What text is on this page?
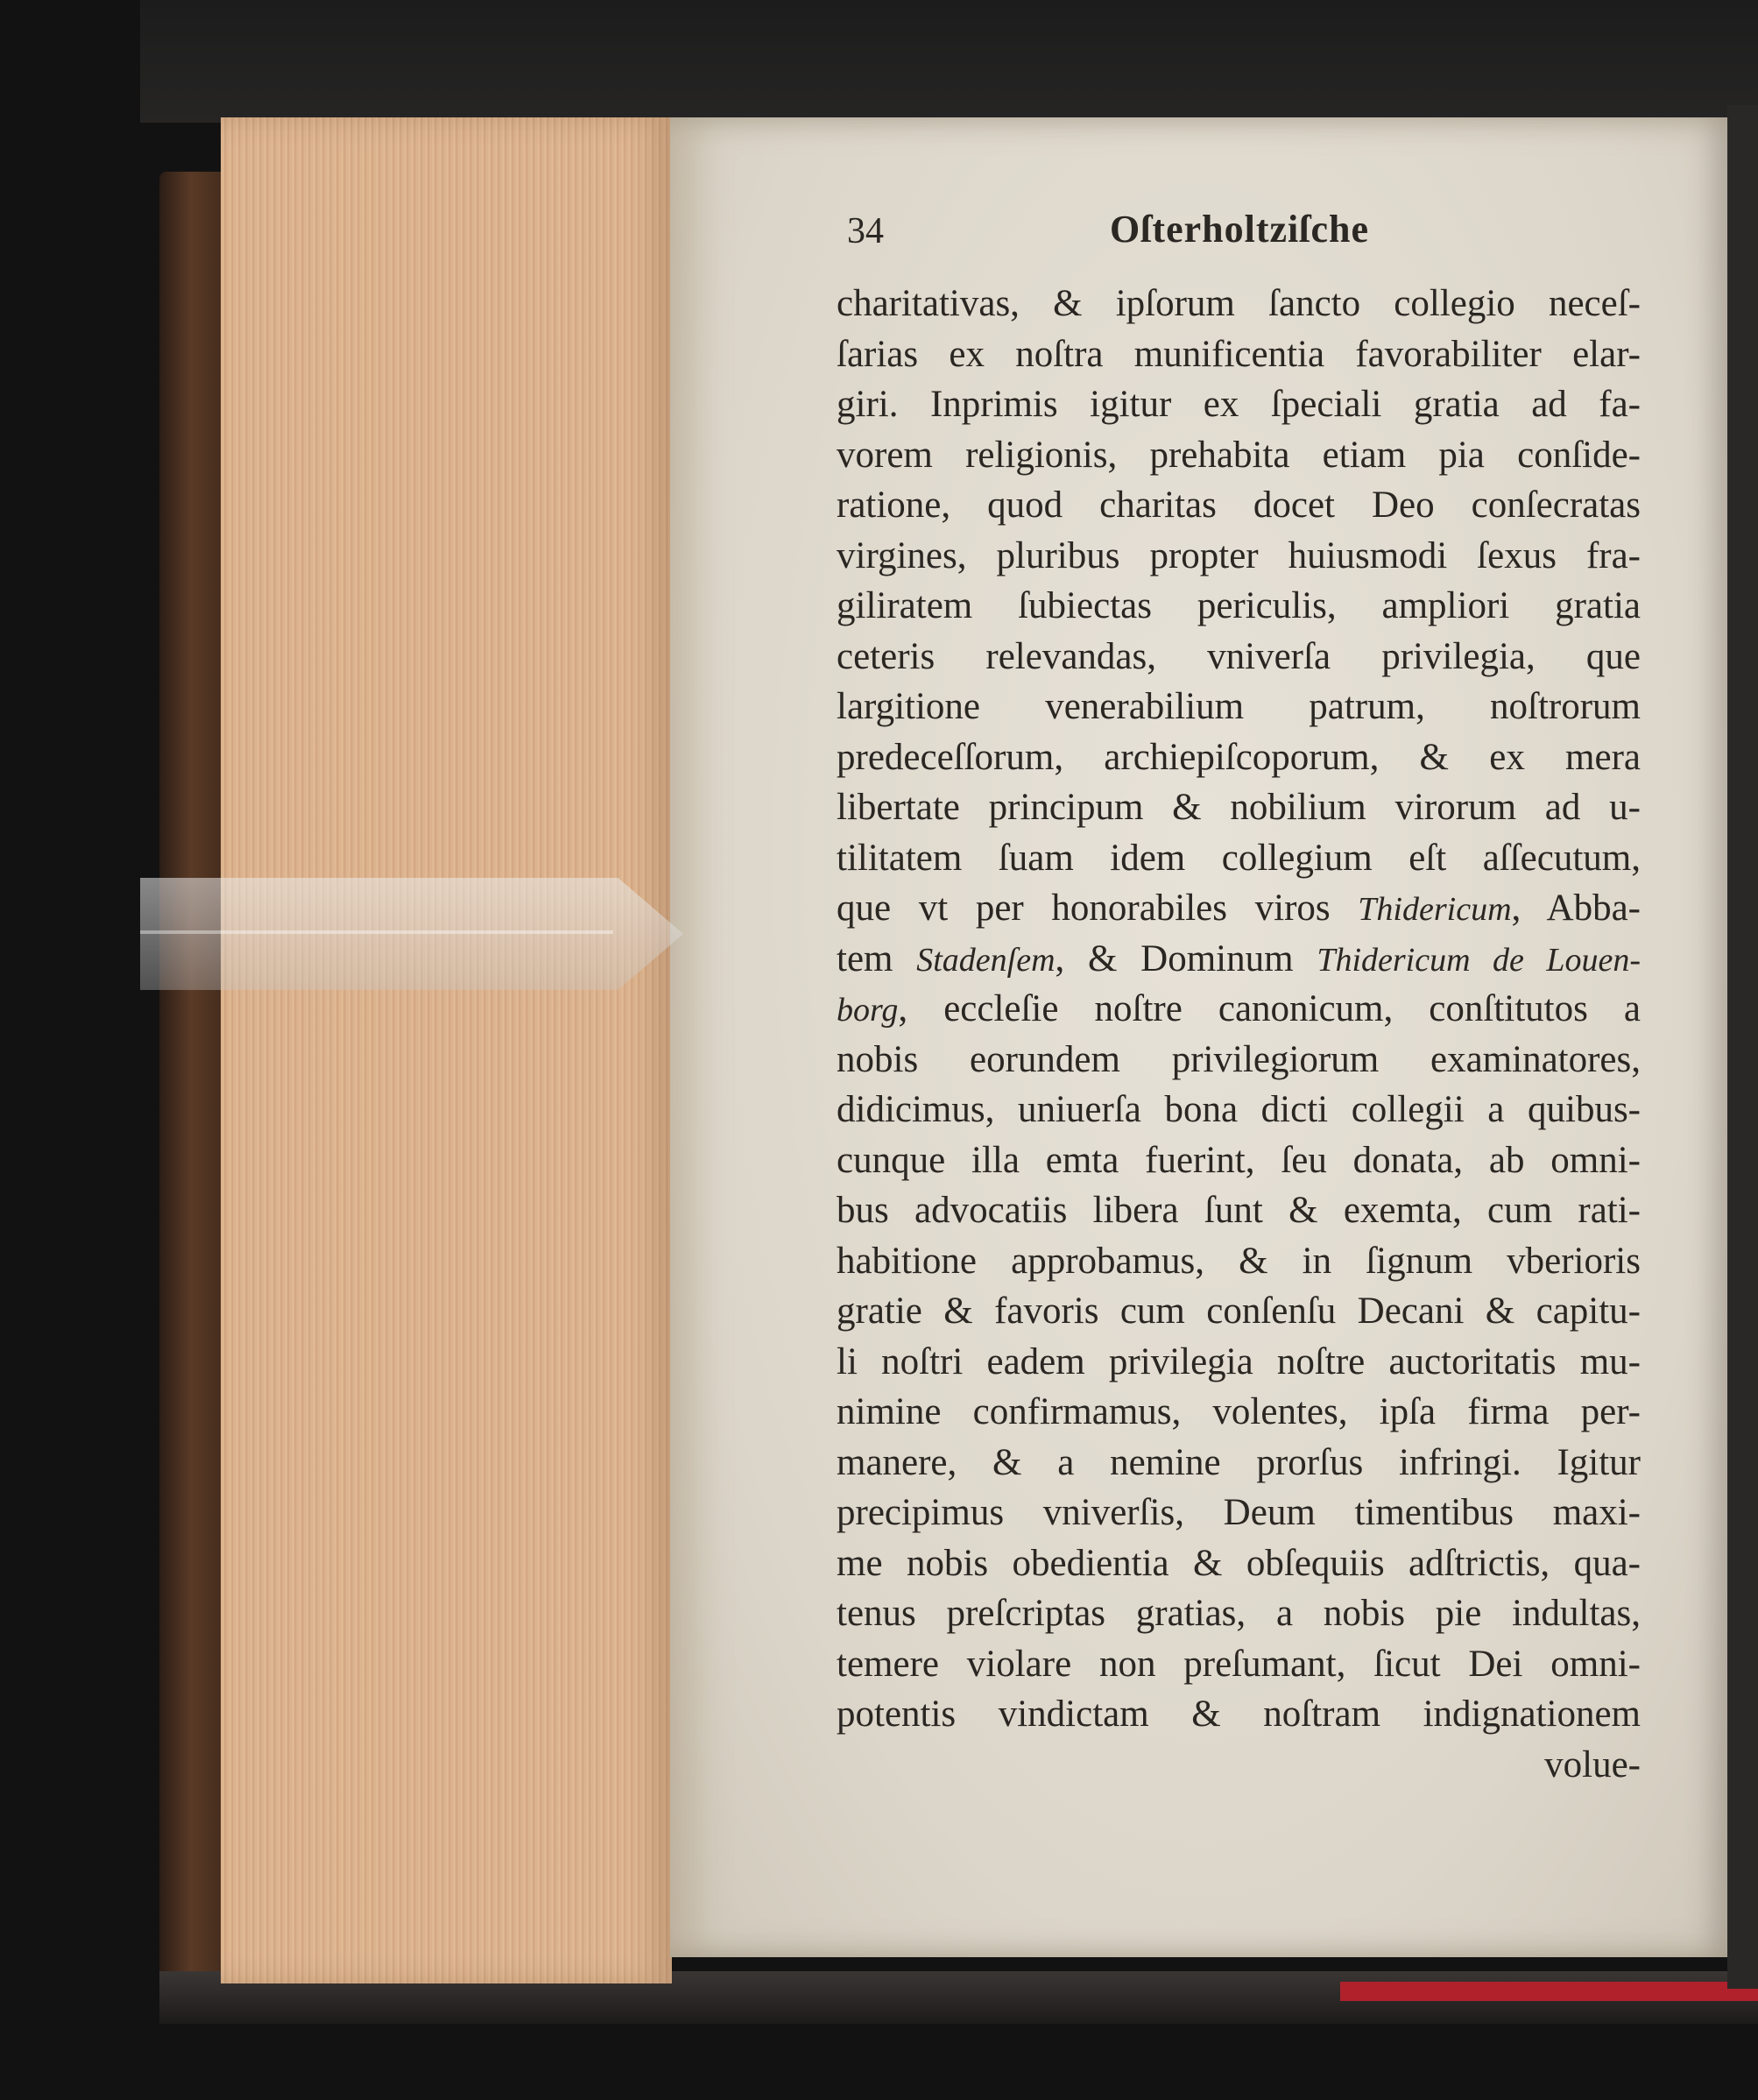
34	Oſterholtziſche
charitativas, & ipſorum ſancto collegio neceſ-
ſarias ex noſtra munificentia favorabiliter elar-
giri. Inprimis igitur ex ſpeciali gratia ad fa-
vorem religionis, prehabita etiam pia conſide-
ratione, quod charitas docet Deo conſecratas
virgines, pluribus propter huiusmodi ſexus fra-
giliratem ſubiectas periculis, ampliori gratia
ceteris relevandas, vniverſa privilegia, que
largitione venerabilium patrum, noſtrorum
predeceſſorum, archiepiſcoporum, & ex mera
libertate principum & nobilium virorum ad u-
tilitatem ſuam idem collegium eſt aſſecutum,
que vt per honorabiles viros Thidericum, Abba-
tem Stadenſem, & Dominum Thidericum de Louen-
borg, eccleſie noſtre canonicum, conſtitutos a
nobis eorundem privilegiorum examinatores,
didicimus, uniuerſa bona dicti collegii a quibus-
cunque illa emta fuerint, ſeu donata, ab omni-
bus advocatiis libera ſunt & exemta, cum rati-
habitione approbamus, & in ſignum vberioris
gratie & favoris cum conſenſu Decani & capitu-
li noſtri eadem privilegia noſtre auctoritatis mu-
nimine confirmamus, volentes, ipſa firma per-
manere, & a nemine prorſus infringi. Igitur
precipimus vniverſis, Deum timentibus maxi-
me nobis obedientia & obſequiis adſtrictis, qua-
tenus preſcriptas gratias, a nobis pie indultas,
temere violare non preſumant, ſicut Dei omni-
potentis vindictam & noſtram indignationem
volue-
